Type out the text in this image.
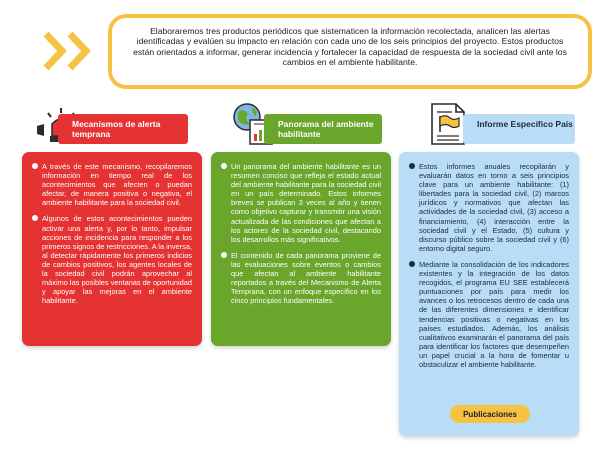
Elaboraremos tres productos periódicos que sistematicen la información recolectada, analicen las alertas identificadas y evalúen su impacto en relación con cada uno de los seis principios del proyecto. Estos productos están orientados a informar, generar incidencia y fortalecer la capacidad de respuesta de la sociedad civil ante los cambios en el ambiente habilitante.
Mecanismos de alerta temprana
Panorama del ambiente habilitante
Informe Específico País

A través de este mecanismo, recopilaremos información en tiempo real de los acontecimientos que afecten o puedan afectar, de manera positiva o negativa, el ambiente habilitante para la sociedad civil.

Algunos de estos acontecimientos pueden activar una alerta y, por lo tanto, impulsar acciones de incidencia para responder a los primeros signos de restricciones. A la inversa, al detectar rápidamente los primeros indicios de cambios positivos, los agentes locales de la sociedad civil podrán aprovechar al máximo las posibles ventanas de oportunidad y apoyar las mejoras en el ambiente habilitante.

Un panorama del ambiente habilitante es un resumen conciso que refleja el estado actual del ambiente habilitante para la sociedad civil en un país determinado. Estos informes breves se publican 3 veces al año y tienen como objetivo capturar y transmitir una visión actualizada de las condiciones que afectan a los actores de la sociedad civil, destacando los desarrollos más significativos.

El contenido de cada panorama proviene de las evaluaciones sobre eventos o cambios que afectan al ambiente habilitante reportados a través del Mecanismo de Alerta Temprana, con un enfoque específico en los cinco principios fundamentales.

Estos informes anuales recopilarán y evaluarán datos en torno a seis principios clave para un ambiente habilitante: (1) libertades para la sociedad civil, (2) marcos jurídicos y normativos que afectan las actividades de la sociedad civil, (3) acceso a financiamiento, (4) interacción entre la sociedad civil y el Estado, (5) cultura y discurso público sobre la sociedad civil y (6) entorno digital seguro.

Mediante la consolidación de los indicadores existentes y la integración de los datos recogidos, el programa EU SEE establecerá puntuaciones por país para medir los avances o los retrocesos dentro de cada una de las diferentes dimensiones e identificar tendencias positivas o negativas en los países estudiados. Además, los análisis cualitativos examinarán el panorama del país para identificar los factores que desempeñen un papel crucial a la hora de fomentar u obstaculizar el ambiente habilitante.

Publicaciones
